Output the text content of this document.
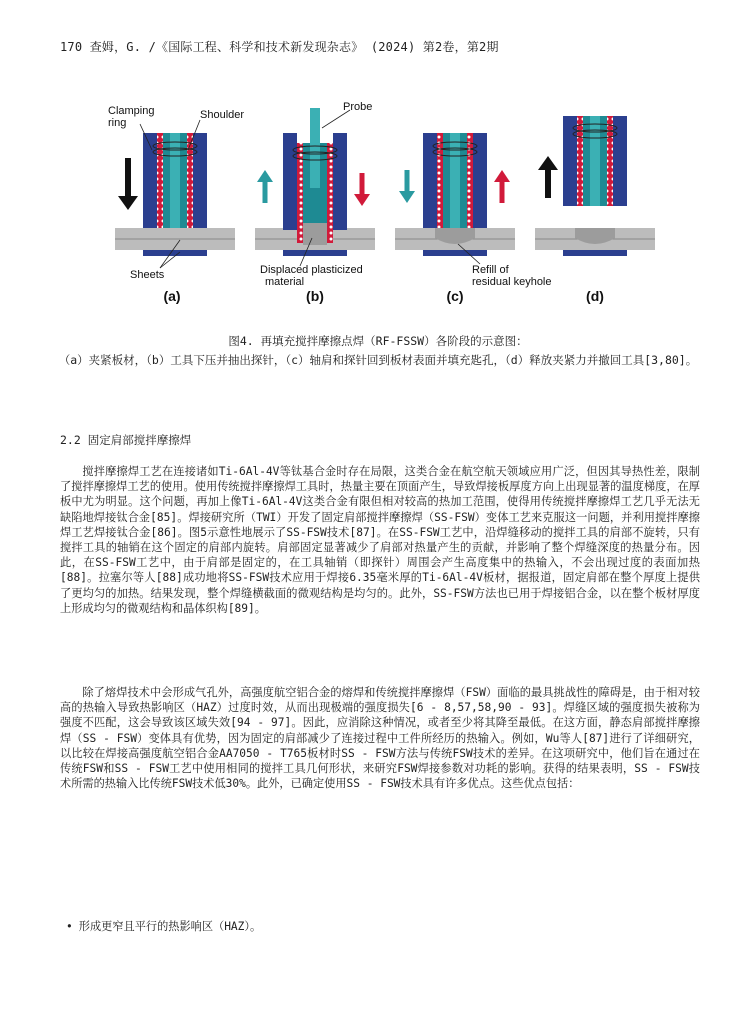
170 查姆，G. /《国际工程、科学和技术新发现杂志》 (2024) 第2卷，第2期
Clamping ring
Shoulder
Probe
Sheets	Displaced plasticized material
Refill of residual keyhole
(a)	(b)	(c)	(d)
图4. 再填充搅拌摩擦点焊（RF-FSSW）各阶段的示意图：
（a）夹紧板材，（b）工具下压并抽出探针，（c）轴肩和探针回到板材表面并填充匙孔，（d）释放夹紧力并撤回工具[3,80]。
2.2 固定肩部搅拌摩擦焊

搅拌摩擦焊工艺在连接诸如Ti-6Al-4V等钛基合金时存在局限，这类合金在航空航天领域应用广泛，但因其导热性差，限制了搅拌摩擦焊工艺的使用。使用传统搅拌摩擦焊工具时，热量主要在顶面产生，导致焊接板厚度方向上出现显著的温度梯度，在厚板中尤为明显。这个问题，再加上像Ti-6Al-4V这类合金有限但相对较高的热加工范围，使得用传统搅拌摩擦焊工艺几乎无法无缺陷地焊接钛合金[85]。焊接研究所（TWI）开发了固定肩部搅拌摩擦焊（SS-FSW）变体工艺来克服这一问题，并利用搅拌摩擦焊工艺焊接钛合金[86]。图5示意性地展示了SS-FSW技术[87]。在SS-FSW工艺中，沿焊缝移动的搅拌工具的肩部不旋转，只有搅拌工具的轴销在这个固定的肩部内旋转。肩部固定显著减少了肩部对热量产生的贡献，并影响了整个焊缝深度的热量分布。因此，在SS-FSW工艺中，由于肩部是固定的，在工具轴销（即探针）周围会产生高度集中的热输入，不会出现过度的表面加热[88]。拉塞尔等人[88]成功地将SS-FSW技术应用于焊接6.35毫米厚的Ti-6Al-4V板材，据报道，固定肩部在整个厚度上提供了更均匀的加热。结果发现，整个焊缝横截面的微观结构是均匀的。此外，SS-FSW方法也已用于焊接铝合金，以在整个板材厚度上形成均匀的微观结构和晶体织构[89]。

除了熔焊技术中会形成气孔外，高强度航空铝合金的熔焊和传统搅拌摩擦焊（FSW）面临的最具挑战性的障碍是，由于相对较高的热输入导致热影响区（HAZ）过度时效，从而出现极端的强度损失[6 - 8,57,58,90 - 93]。焊缝区域的强度损失被称为强度不匹配，这会导致该区域失效[94 - 97]。因此，应消除这种情况，或者至少将其降至最低。在这方面，静态肩部搅拌摩擦焊（SS - FSW）变体具有优势，因为固定的肩部减少了连接过程中工件所经历的热输入。例如，Wu等人[87]进行了详细研究，以比较在焊接高强度航空铝合金AA7050 - T765板材时SS - FSW方法与传统FSW技术的差异。在这项研究中，他们旨在通过在传统FSW和SS - FSW工艺中使用相同的搅拌工具几何形状，来研究FSW焊接参数对功耗的影响。获得的结果表明，SS - FSW技术所需的热输入比传统FSW技术低30%。此外，已确定使用SS - FSW技术具有许多优点。这些优点包括：

• 形成更窄且平行的热影响区（HAZ）。
